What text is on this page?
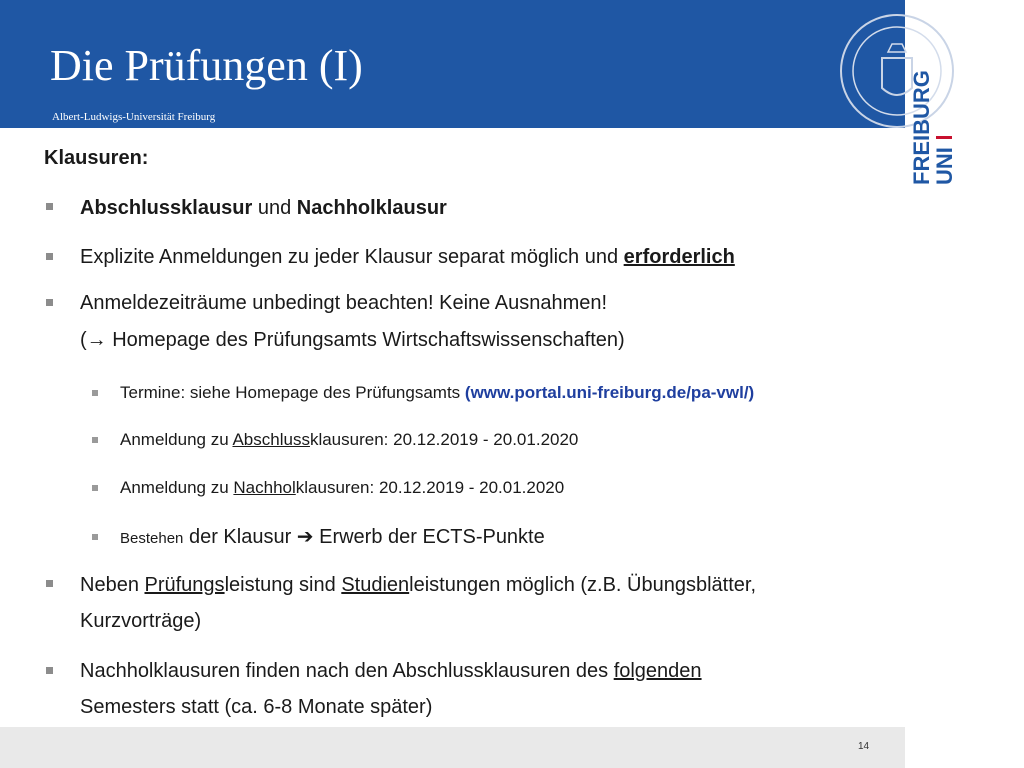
Die Prüfungen (I)
Albert-Ludwigs-Universität Freiburg
UNI
FREIBURG
Klausuren:
Abschlussklausur und Nachholklausur
Explizite Anmeldungen zu jeder Klausur separat möglich und erforderlich
Anmeldezeiträume unbedingt beachten! Keine Ausnahmen!
(→ Homepage des Prüfungsamts Wirtschaftswissenschaften)
Termine: siehe Homepage des Prüfungsamts (www.portal.uni-freiburg.de/pa-vwl/)
Anmeldung zu Abschlussklausuren: 20.12.2019 - 20.01.2020
Anmeldung zu Nachholklausuren: 20.12.2019 - 20.01.2020
Bestehen der Klausur ➔ Erwerb der ECTS-Punkte
Neben Prüfungsleistung sind Studienleistungen möglich (z.B. Übungsblätter,
Kurzvorträge)
Nachholklausuren finden nach den Abschlussklausuren des folgenden
Semesters statt (ca. 6-8 Monate später)
14
